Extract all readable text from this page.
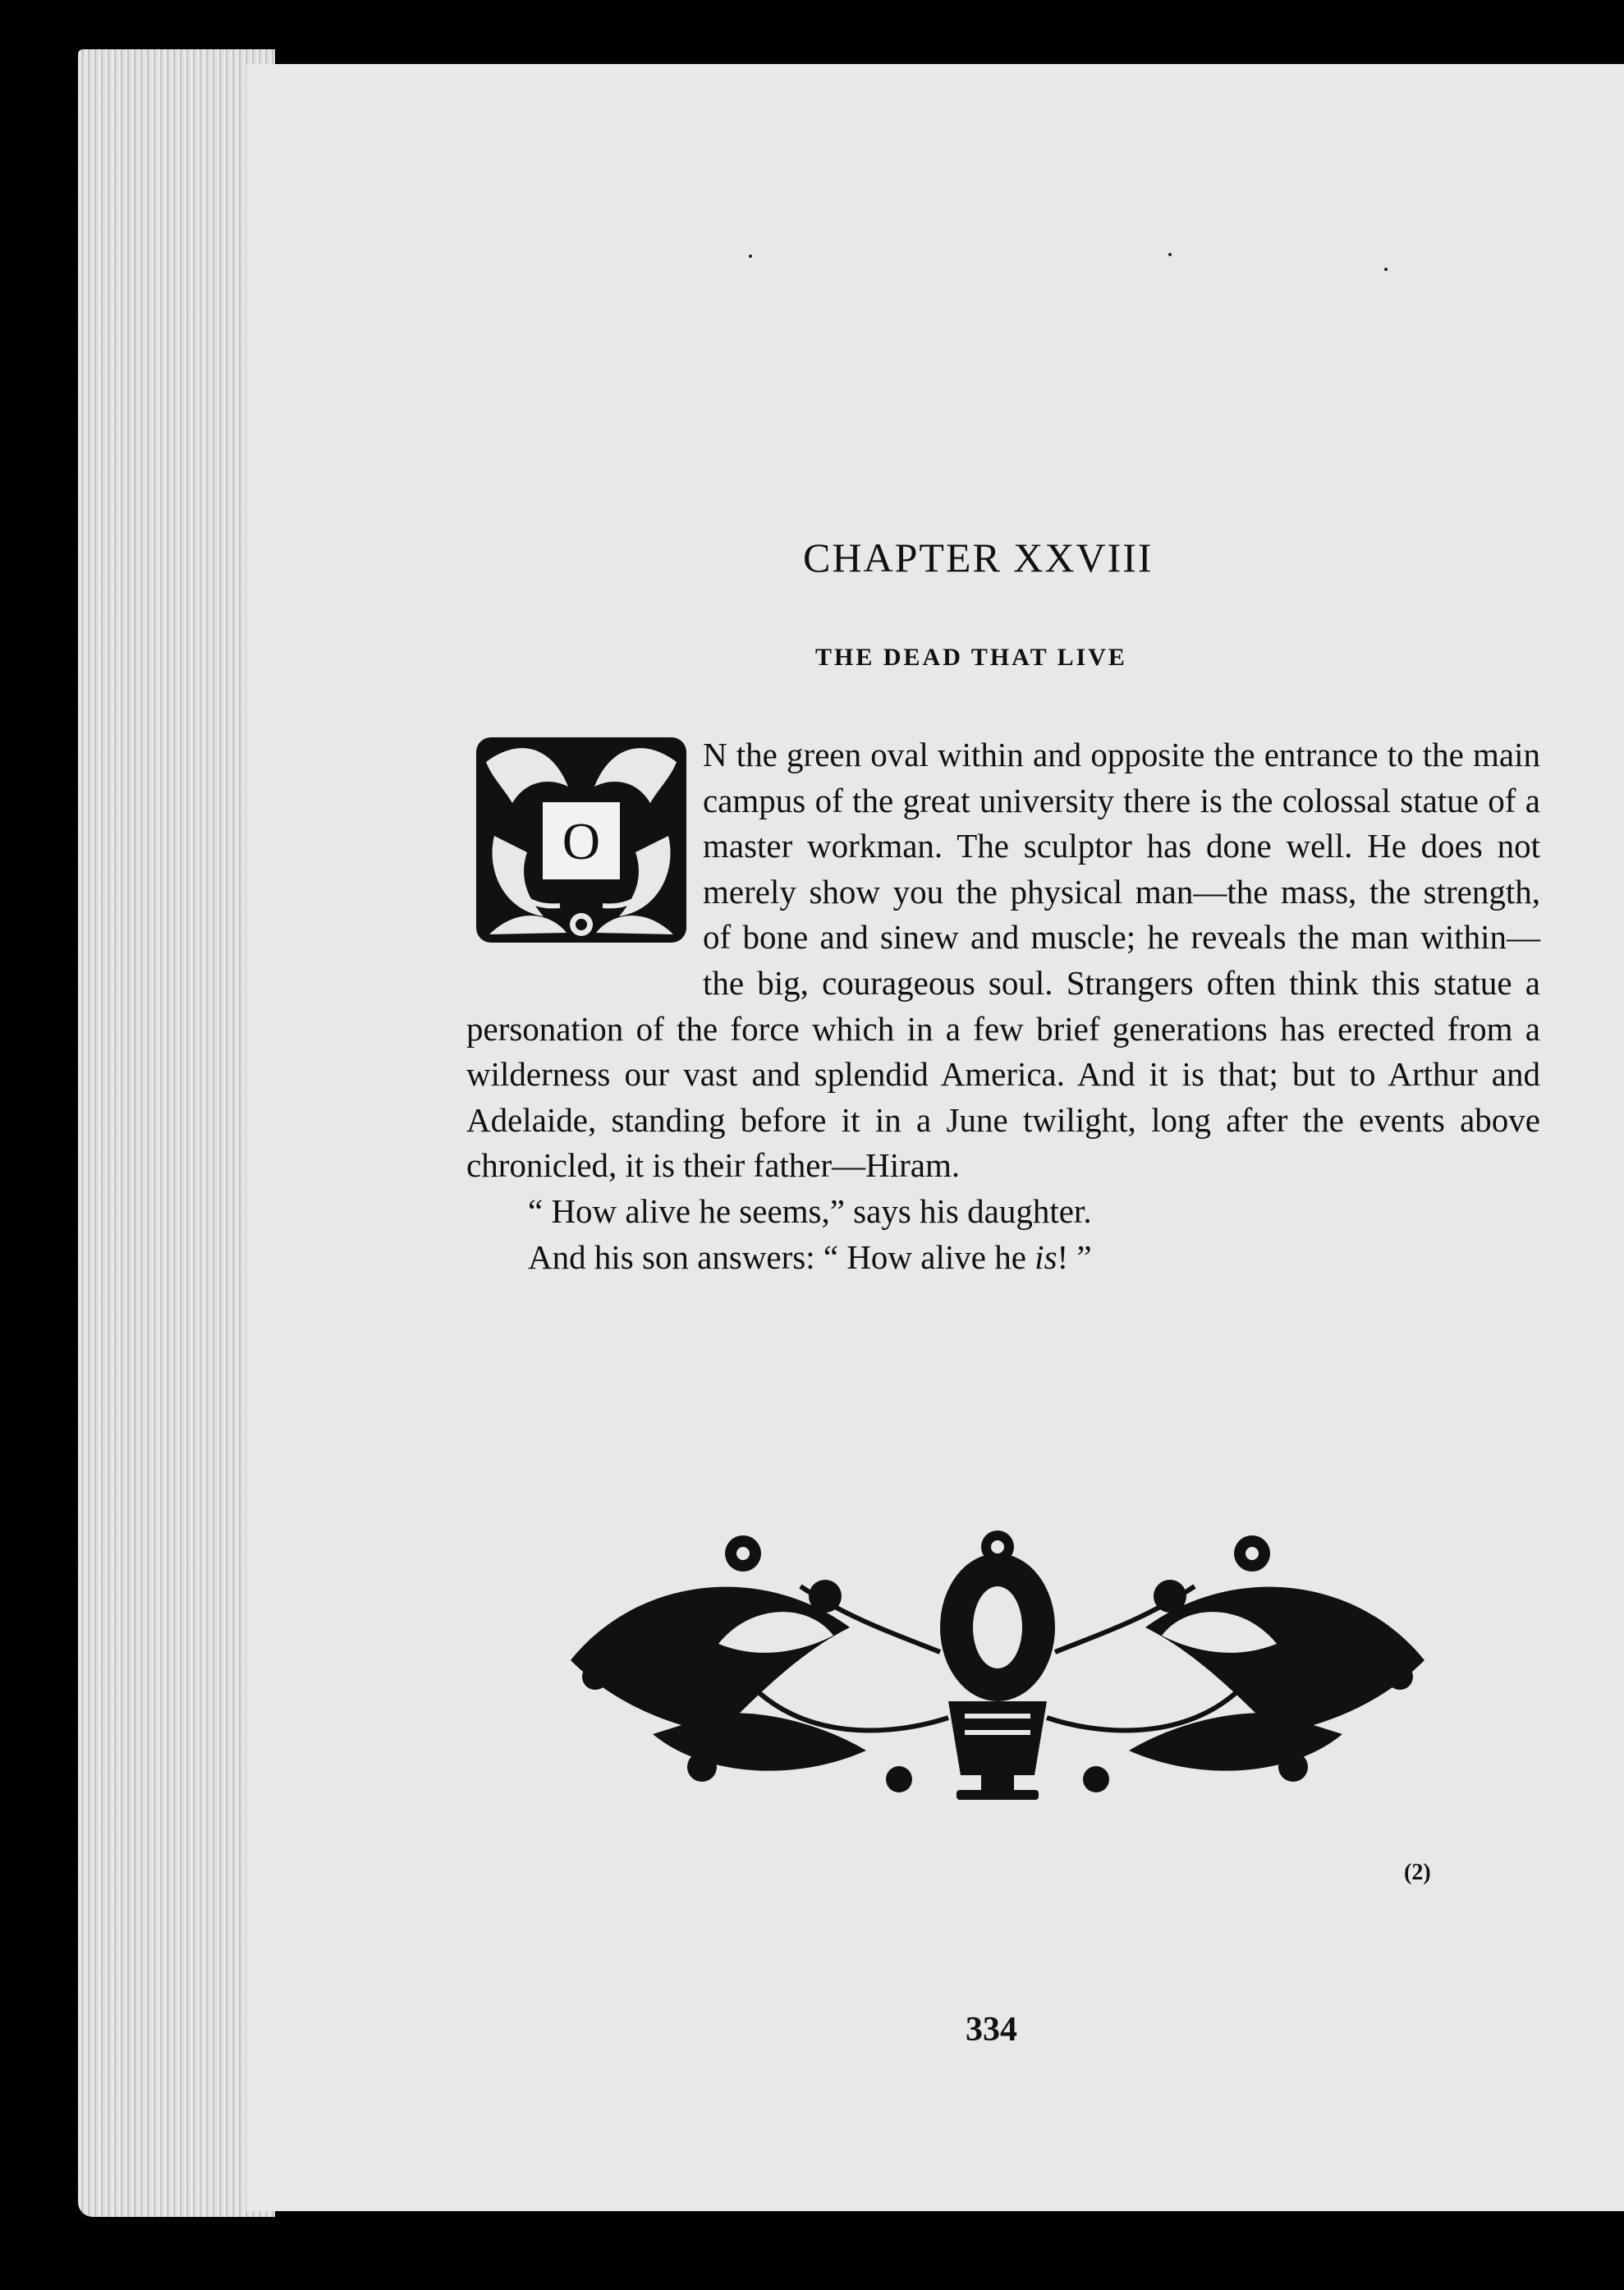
CHAPTER XXVIII
THE DEAD THAT LIVE
O

N the green oval within and opposite the entrance to the main campus of the great university there is the colossal statue of a master workman. The sculptor has done well. He does not merely show you the physical man—the mass, the strength, of bone and sinew and muscle; he reveals the man within—the big, courageous soul. Strangers often think this statue a personation of the force which in a few brief generations has erected from a wilderness our vast and splendid America. And it is that; but to Arthur and Adelaide, standing before it in a June twilight, long after the events above chronicled, it is their father—Hiram.

“ How alive he seems,” says his daughter.

And his son answers: “ How alive he is! ”

(2)
334
